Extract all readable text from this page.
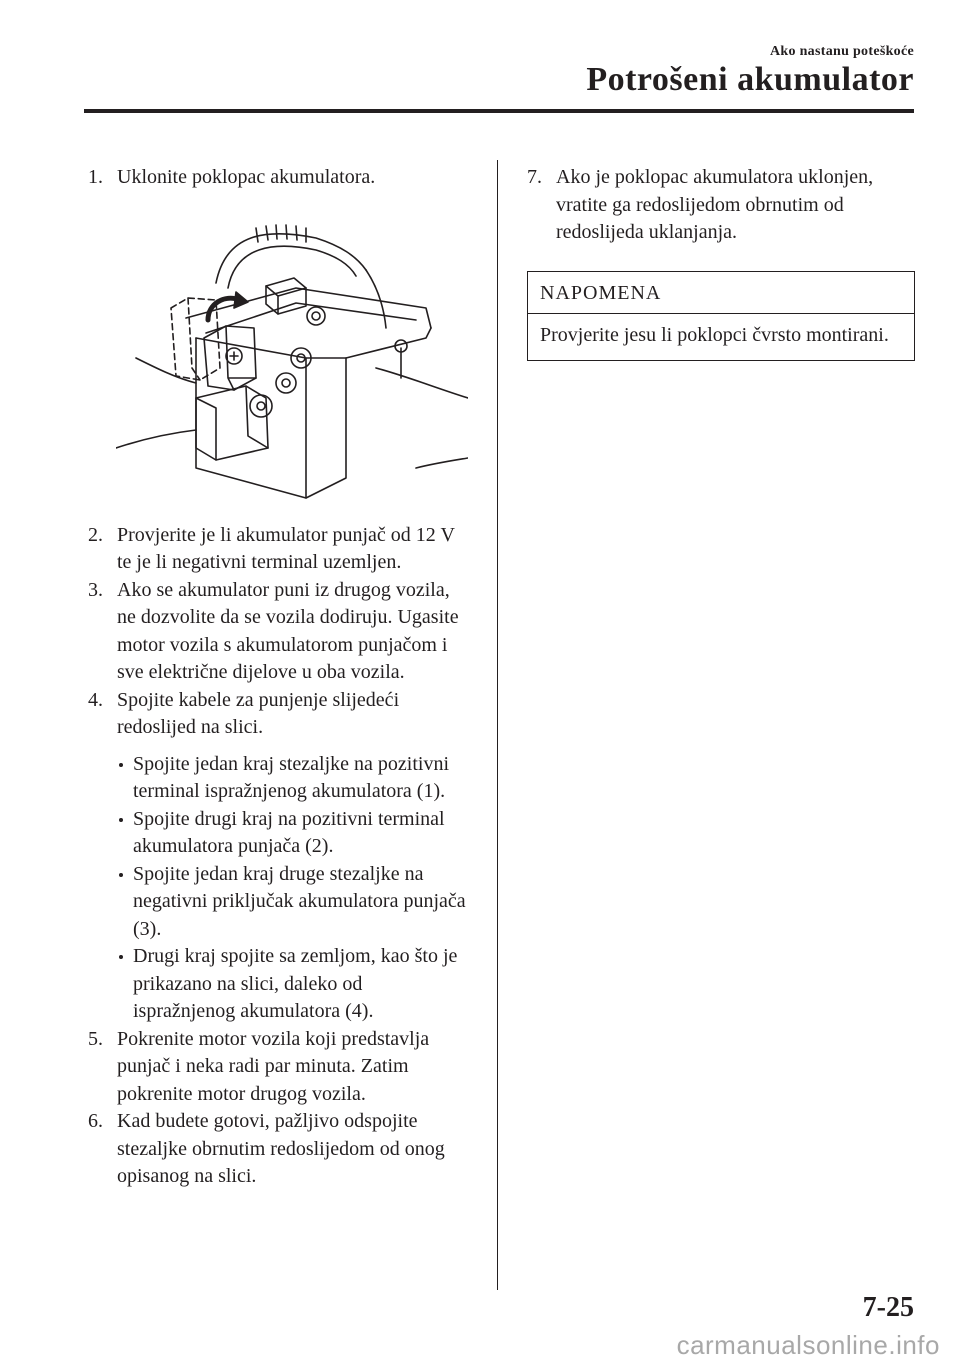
Ako nastanu poteškoće
Potrošeni akumulator
1. Uklonite poklopac akumulatora.
2. Provjerite je li akumulator punjač od 12 V te je li negativni terminal uzemljen.
3. Ako se akumulator puni iz drugog vozila, ne dozvolite da se vozila dodiruju. Ugasite motor vozila s akumulatorom punjačom i sve električne dijelove u oba vozila.
4. Spojite kabele za punjenje slijedeći redoslijed na slici.
Spojite jedan kraj stezaljke na pozitivni terminal ispražnjenog akumulatora (1).
Spojite drugi kraj na pozitivni terminal akumulatora punjača (2).
Spojite jedan kraj druge stezaljke na negativni priključak akumulatora punjača (3).
Drugi kraj spojite sa zemljom, kao što je prikazano na slici, daleko od ispražnjenog akumulatora (4).
5. Pokrenite motor vozila koji predstavlja punjač i neka radi par minuta. Zatim pokrenite motor drugog vozila.
6. Kad budete gotovi, pažljivo odspojite stezaljke obrnutim redoslijedom od onog opisanog na slici.
7. Ako je poklopac akumulatora uklonjen, vratite ga redoslijedom obrnutim od redoslijeda uklanjanja.
NAPOMENA
Provjerite jesu li poklopci čvrsto montirani.
7-25
carmanualsonline.info
